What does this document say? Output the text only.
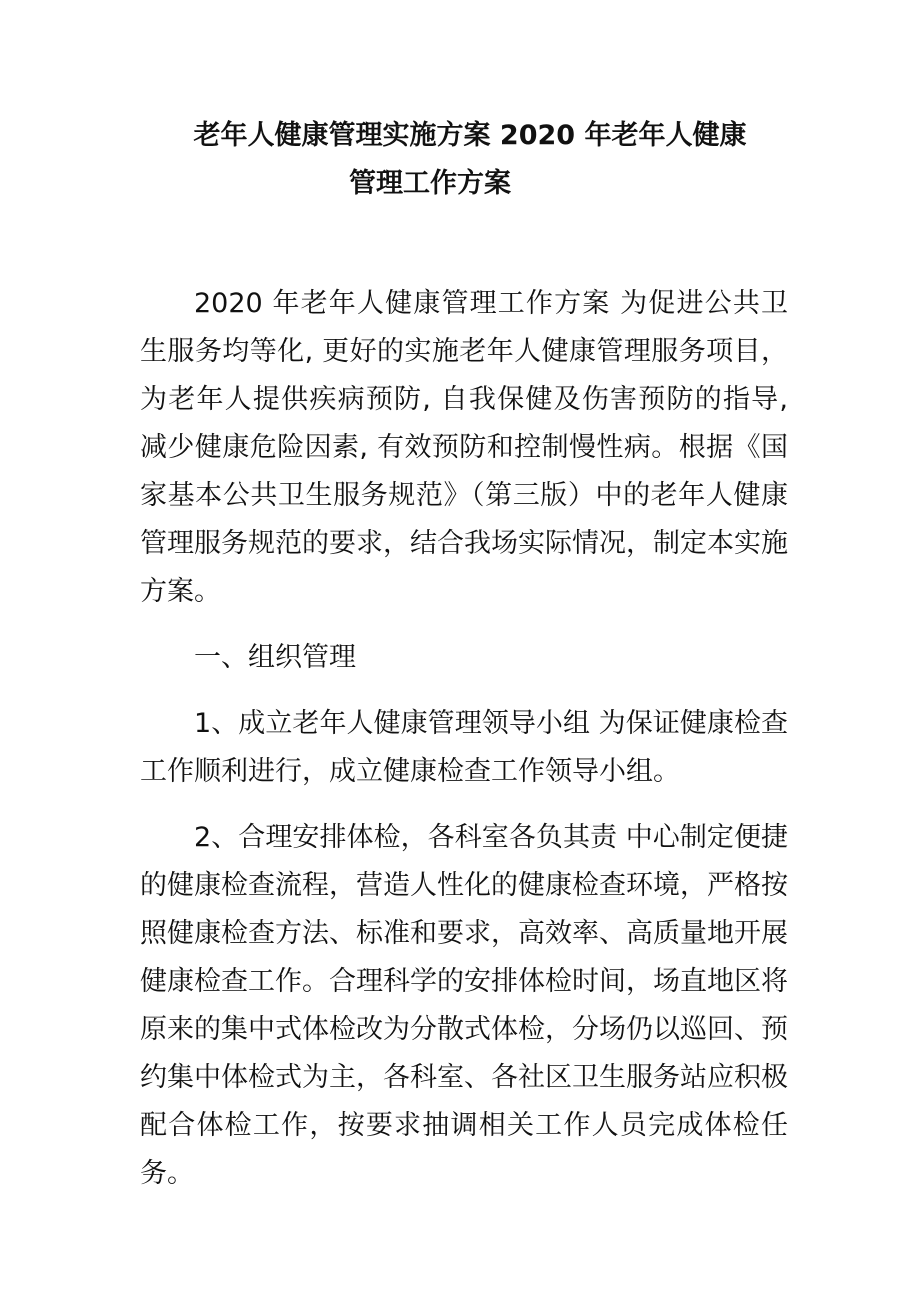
老年人健康管理实施方案 2020 年老年人健康
管理工作方案

2020 年老年人健康管理工作方案 为促进公共卫生服务均等化, 更好的实施老年人健康管理服务项目，为老年人提供疾病预防, 自我保健及伤害预防的指导, 减少健康危险因素, 有效预防和控制慢性病。根据《国家基本公共卫生服务规范》（第三版）中的老年人健康管理服务规范的要求，结合我场实际情况，制定本实施方案。

一、组织管理

1、成立老年人健康管理领导小组 为保证健康检查工作顺利进行，成立健康检查工作领导小组。

2、合理安排体检，各科室各负其责 中心制定便捷的健康检查流程，营造人性化的健康检查环境，严格按照健康检查方法、标准和要求，高效率、高质量地开展健康检查工作。合理科学的安排体检时间，场直地区将原来的集中式体检改为分散式体检，分场仍以巡回、预约集中体检式为主，各科室、各社区卫生服务站应积极配合体检工作，按要求抽调相关工作人员完成体检任务。
